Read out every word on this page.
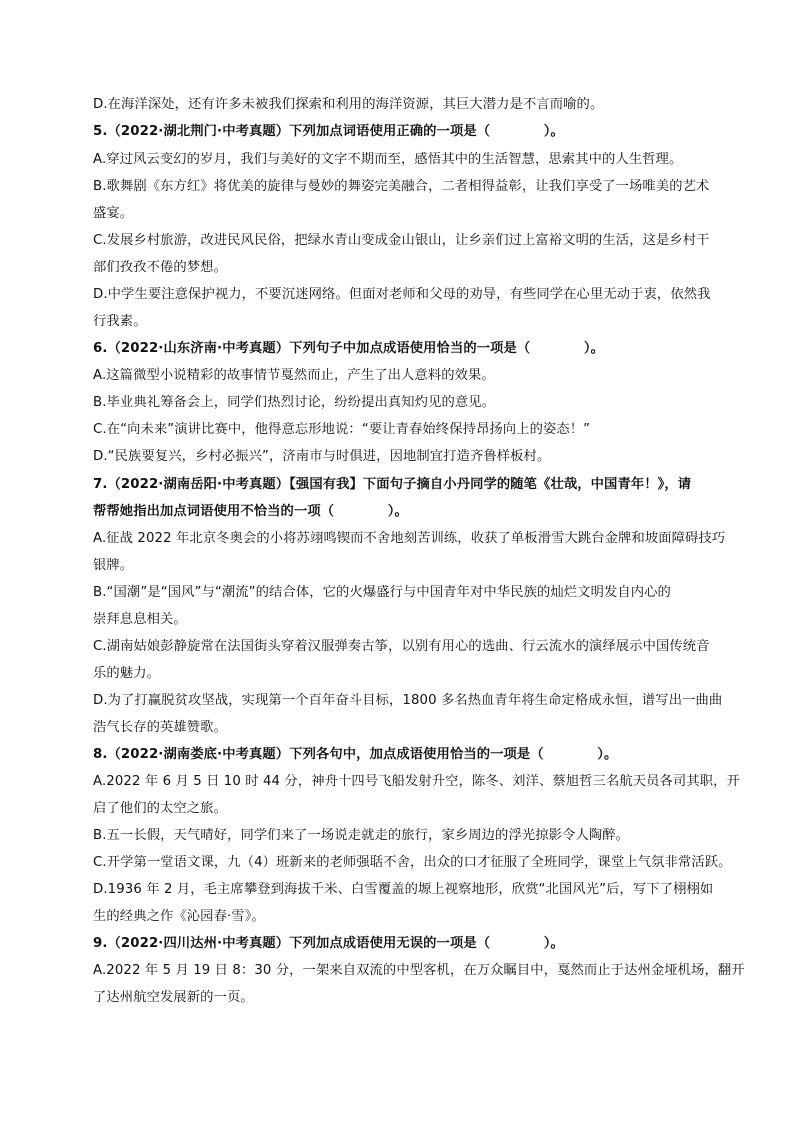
D.在海洋深处，还有许多未被我们探索和利用的海洋资源，其巨大潜力是不言而喻的。
5.（2022·湖北荆门·中考真题）下列加点词语使用正确的一项是（　　　　）。
A.穿过风云变幻的岁月，我们与美好的文字不期而至，感悟其中的生活智慧，思索其中的人生哲理。
B.歌舞剧《东方红》将优美的旋律与曼妙的舞姿完美融合，二者相得益彰，让我们享受了一场唯美的艺术
盛宴。
C.发展乡村旅游，改进民风民俗，把绿水青山变成金山银山，让乡亲们过上富裕文明的生活，这是乡村干
部们孜孜不倦的梦想。
D.中学生要注意保护视力，不要沉迷网络。但面对老师和父母的劝导，有些同学在心里无动于衷，依然我
行我素。
6.（2022·山东济南·中考真题）下列句子中加点成语使用恰当的一项是（　　　　）。
A.这篇微型小说精彩的故事情节戛然而止，产生了出人意料的效果。
B.毕业典礼筹备会上，同学们热烈讨论，纷纷提出真知灼见的意见。
C.在“向未来”演讲比赛中，他得意忘形地说：“要让青春始终保持昂扬向上的姿态！”
D.“民族要复兴，乡村必振兴”，济南市与时俱进，因地制宜打造齐鲁样板村。
7.（2022·湖南岳阳·中考真题）【强国有我】下面句子摘自小丹同学的随笔《壮哉，中国青年！》，请
帮帮她指出加点词语使用不恰当的一项（　　　　）。
A.征战 2022 年北京冬奥会的小将苏翊鸣锲而不舍地刻苦训练，收获了单板滑雪大跳台金牌和坡面障碍技巧
银牌。
B.“国潮”是“国风”与“潮流”的结合体，它的火爆盛行与中国青年对中华民族的灿烂文明发自内心的
崇拜息息相关。
C.湖南姑娘彭静旋常在法国街头穿着汉服弹奏古筝，以别有用心的选曲、行云流水的演绎展示中国传统音
乐的魅力。
D.为了打赢脱贫攻坚战，实现第一个百年奋斗目标，1800 多名热血青年将生命定格成永恒，谱写出一曲曲
浩气长存的英雄赞歌。
8.（2022·湖南娄底·中考真题）下列各句中，加点成语使用恰当的一项是（　　　　）。
A.2022 年 6 月 5 日 10 时 44 分，神舟十四号飞船发射升空，陈冬、刘洋、蔡旭哲三名航天员各司其职，开
启了他们的太空之旅。
B.五一长假，天气晴好，同学们来了一场说走就走的旅行，家乡周边的浮光掠影令人陶醉。
C.开学第一堂语文课，九（4）班新来的老师强聒不舍，出众的口才征服了全班同学，课堂上气氛非常活跃。
D.1936 年 2 月，毛主席攀登到海拔千米、白雪覆盖的塬上视察地形，欣赏“北国风光”后，写下了栩栩如
生的经典之作《沁园春·雪》。
9.（2022·四川达州·中考真题）下列加点成语使用无误的一项是（　　　　）。
A.2022 年 5 月 19 日 8：30 分，一架来自双流的中型客机，在万众瞩目中，戛然而止于达州金垭机场，翻开
了达州航空发展新的一页。
